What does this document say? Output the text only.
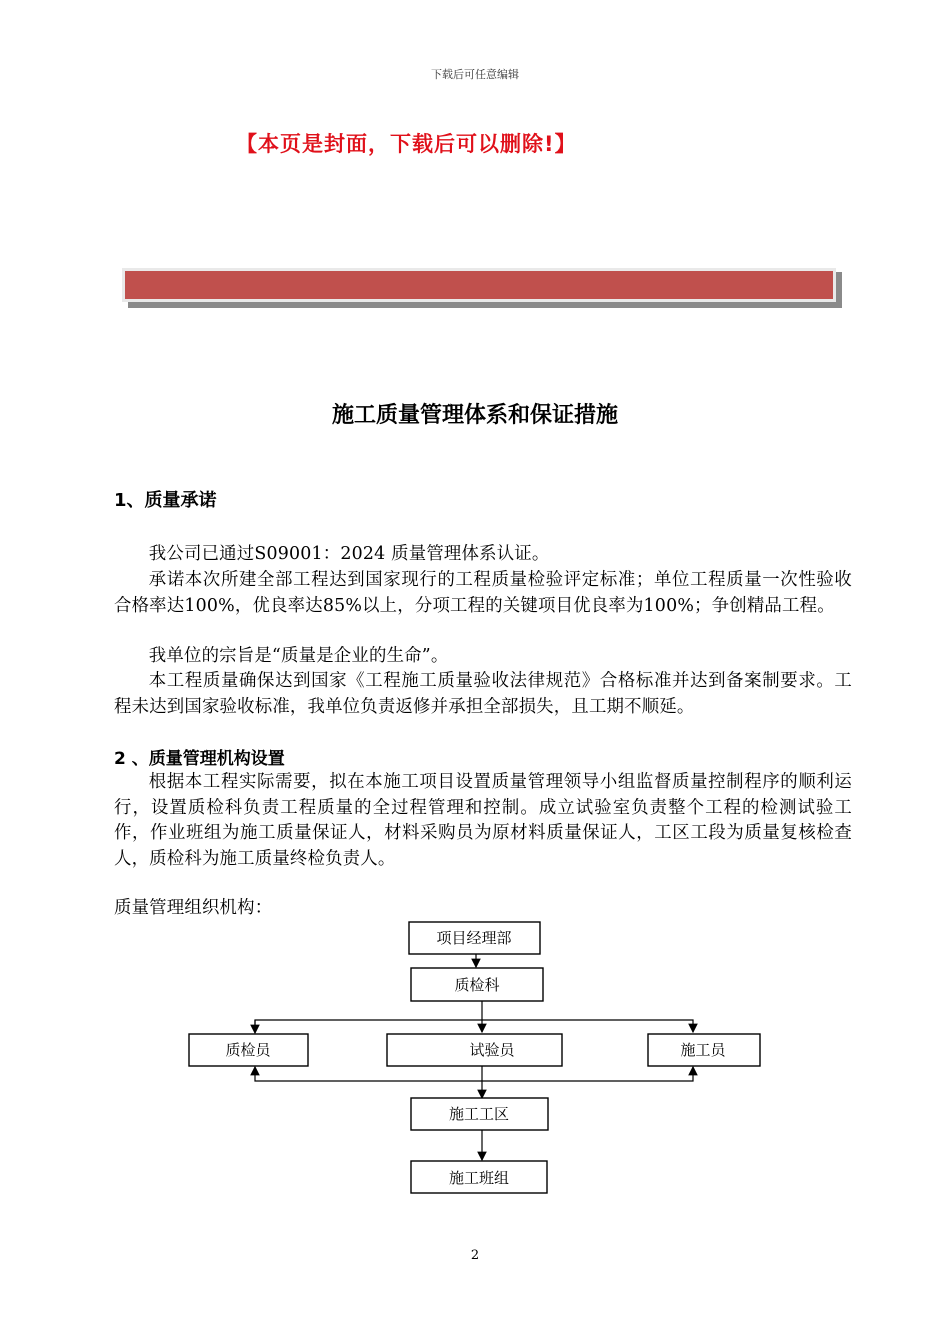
下载后可任意编辑
【本页是封面，下载后可以删除!】
施工质量管理体系和保证措施
1、质量承诺
我公司已通过S09001：2024 质量管理体系认证。
承诺本次所建全部工程达到国家现行的工程质量检验评定标准；单位工程质量一次性验收合格率达100%，优良率达85%以上，分项工程的关键项目优良率为100%；争创精品工程。
我单位的宗旨是“质量是企业的生命”。
本工程质量确保达到国家《工程施工质量验收法律规范》合格标准并达到备案制要求。工程未达到国家验收标准，我单位负责返修并承担全部损失，且工期不顺延。
2 、质量管理机构设置
根据本工程实际需要，拟在本施工项目设置质量管理领导小组监督质量控制程序的顺利运行，设置质检科负责工程质量的全过程管理和控制。成立试验室负责整个工程的检测试验工作，作业班组为施工质量保证人，材料采购员为原材料质量保证人，工区工段为质量复核检查人，质检科为施工质量终检负责人。
质量管理组织机构：
项目经理部
质检科
质检员	试验员	施工员
施工工区
施工班组
2
